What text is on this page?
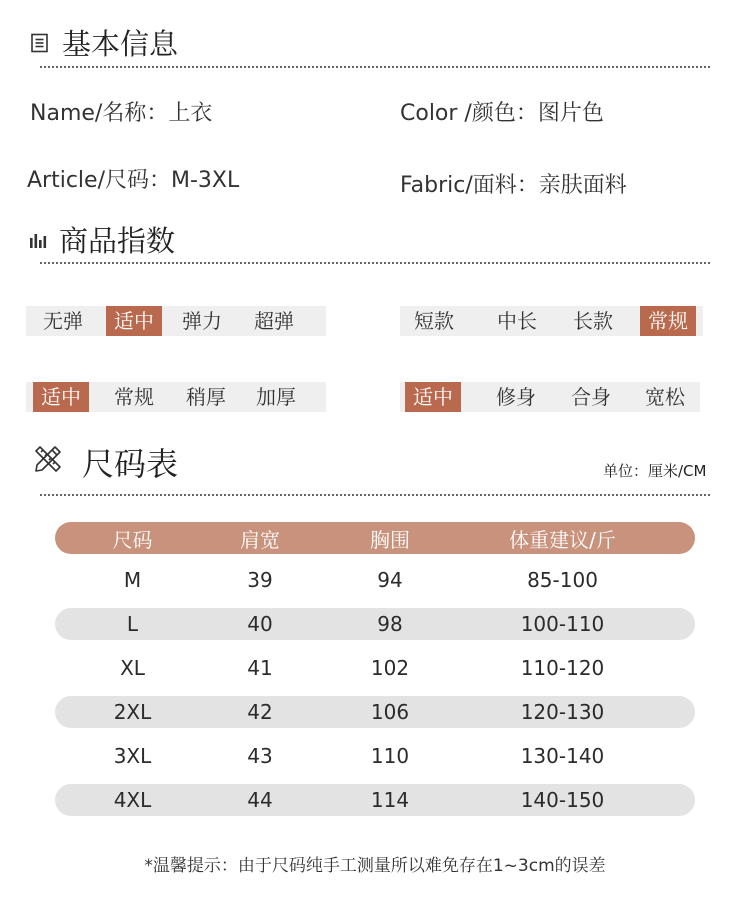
基本信息
Name/名称：上衣	Color /颜色：图片色
Article/尺码：M-3XL	Fabric/面料：亲肤面料
商品指数
无弹	适中	弹力	超弹	短款	中长	长款	常规
适中	常规	稍厚	加厚	适中	修身	合身	宽松
尺码表	单位：厘米/CM
尺码	肩宽	胸围	体重建议/斤
M	39	94	85-100
L	40	98	100-110
XL	41	102	110-120
2XL	42	106	120-130
3XL	43	110	130-140
4XL	44	114	140-150
*温馨提示：由于尺码纯手工测量所以难免存在1~3cm的误差
